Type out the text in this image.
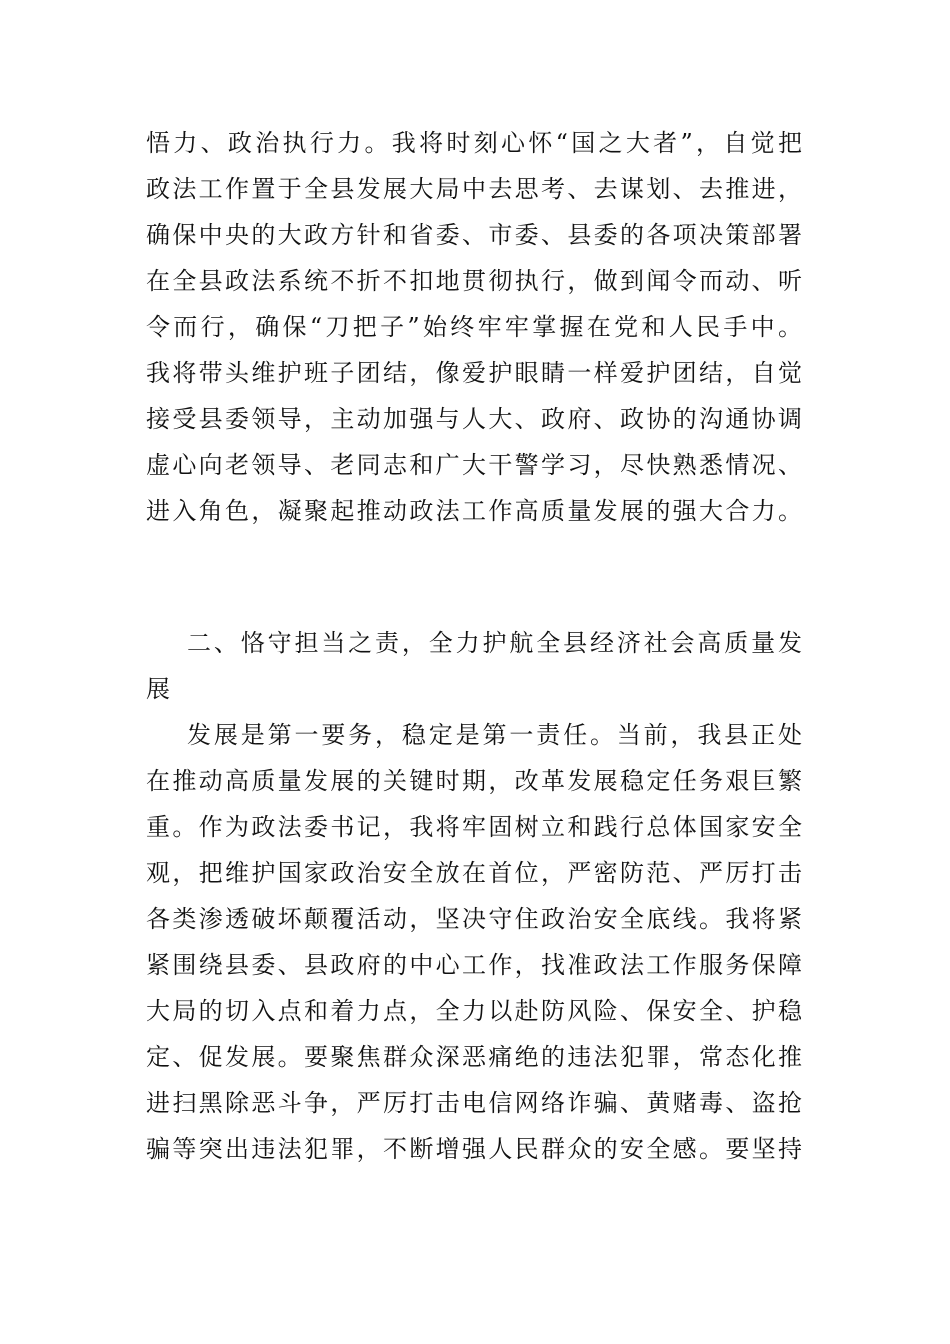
悟力、政治执行力。我将时刻心怀“国之大者”，自觉把
政法工作置于全县发展大局中去思考、去谋划、去推进，
确保中央的大政方针和省委、市委、县委的各项决策部署
在全县政法系统不折不扣地贯彻执行，做到闻令而动、听
令而行，确保“刀把子”始终牢牢掌握在党和人民手中。
我将带头维护班子团结，像爱护眼睛一样爱护团结，自觉
接受县委领导，主动加强与人大、政府、政协的沟通协调
虚心向老领导、老同志和广大干警学习，尽快熟悉情况、
进入角色，凝聚起推动政法工作高质量发展的强大合力。
二、恪守担当之责，全力护航全县经济社会高质量发
展
发展是第一要务，稳定是第一责任。当前，我县正处
在推动高质量发展的关键时期，改革发展稳定任务艰巨繁
重。作为政法委书记，我将牢固树立和践行总体国家安全
观，把维护国家政治安全放在首位，严密防范、严厉打击
各类渗透破坏颠覆活动，坚决守住政治安全底线。我将紧
紧围绕县委、县政府的中心工作，找准政法工作服务保障
大局的切入点和着力点，全力以赴防风险、保安全、护稳
定、促发展。要聚焦群众深恶痛绝的违法犯罪，常态化推
进扫黑除恶斗争，严厉打击电信网络诈骗、黄赌毒、盗抢
骗等突出违法犯罪，不断增强人民群众的安全感。要坚持
